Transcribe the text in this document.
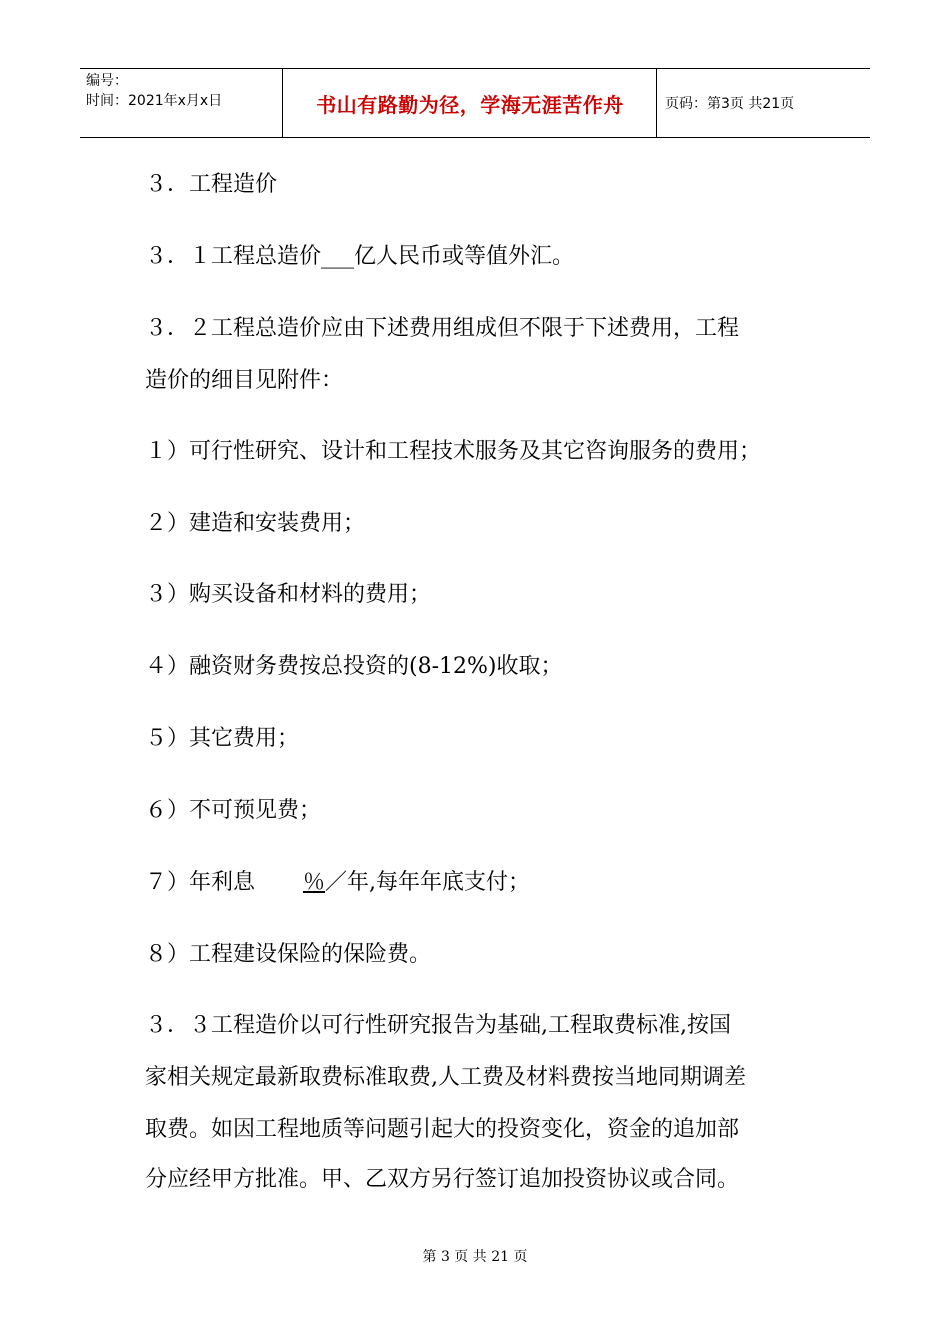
编号：
时间：2021年x月x日	书山有路勤为径，学海无涯苦作舟	页码：第3页 共21页
３．工程造价
３．１工程总造价___亿人民币或等值外汇。
３．２工程总造价应由下述费用组成但不限于下述费用，工程
造价的细目见附件：
１）可行性研究、设计和工程技术服务及其它咨询服务的费用；
２）建造和安装费用；
３）购买设备和材料的费用；
４）融资财务费按总投资的(8-12%)收取；
５）其它费用；
６）不可预见费；
７）年利息 ％／年,每年年底支付；
８）工程建设保险的保险费。
３．３工程造价以可行性研究报告为基础,工程取费标准,按国
家相关规定最新取费标准取费,人工费及材料费按当地同期调差
取费。如因工程地质等问题引起大的投资变化，资金的追加部
分应经甲方批准。甲、乙双方另行签订追加投资协议或合同。
第 3 页 共 21 页
